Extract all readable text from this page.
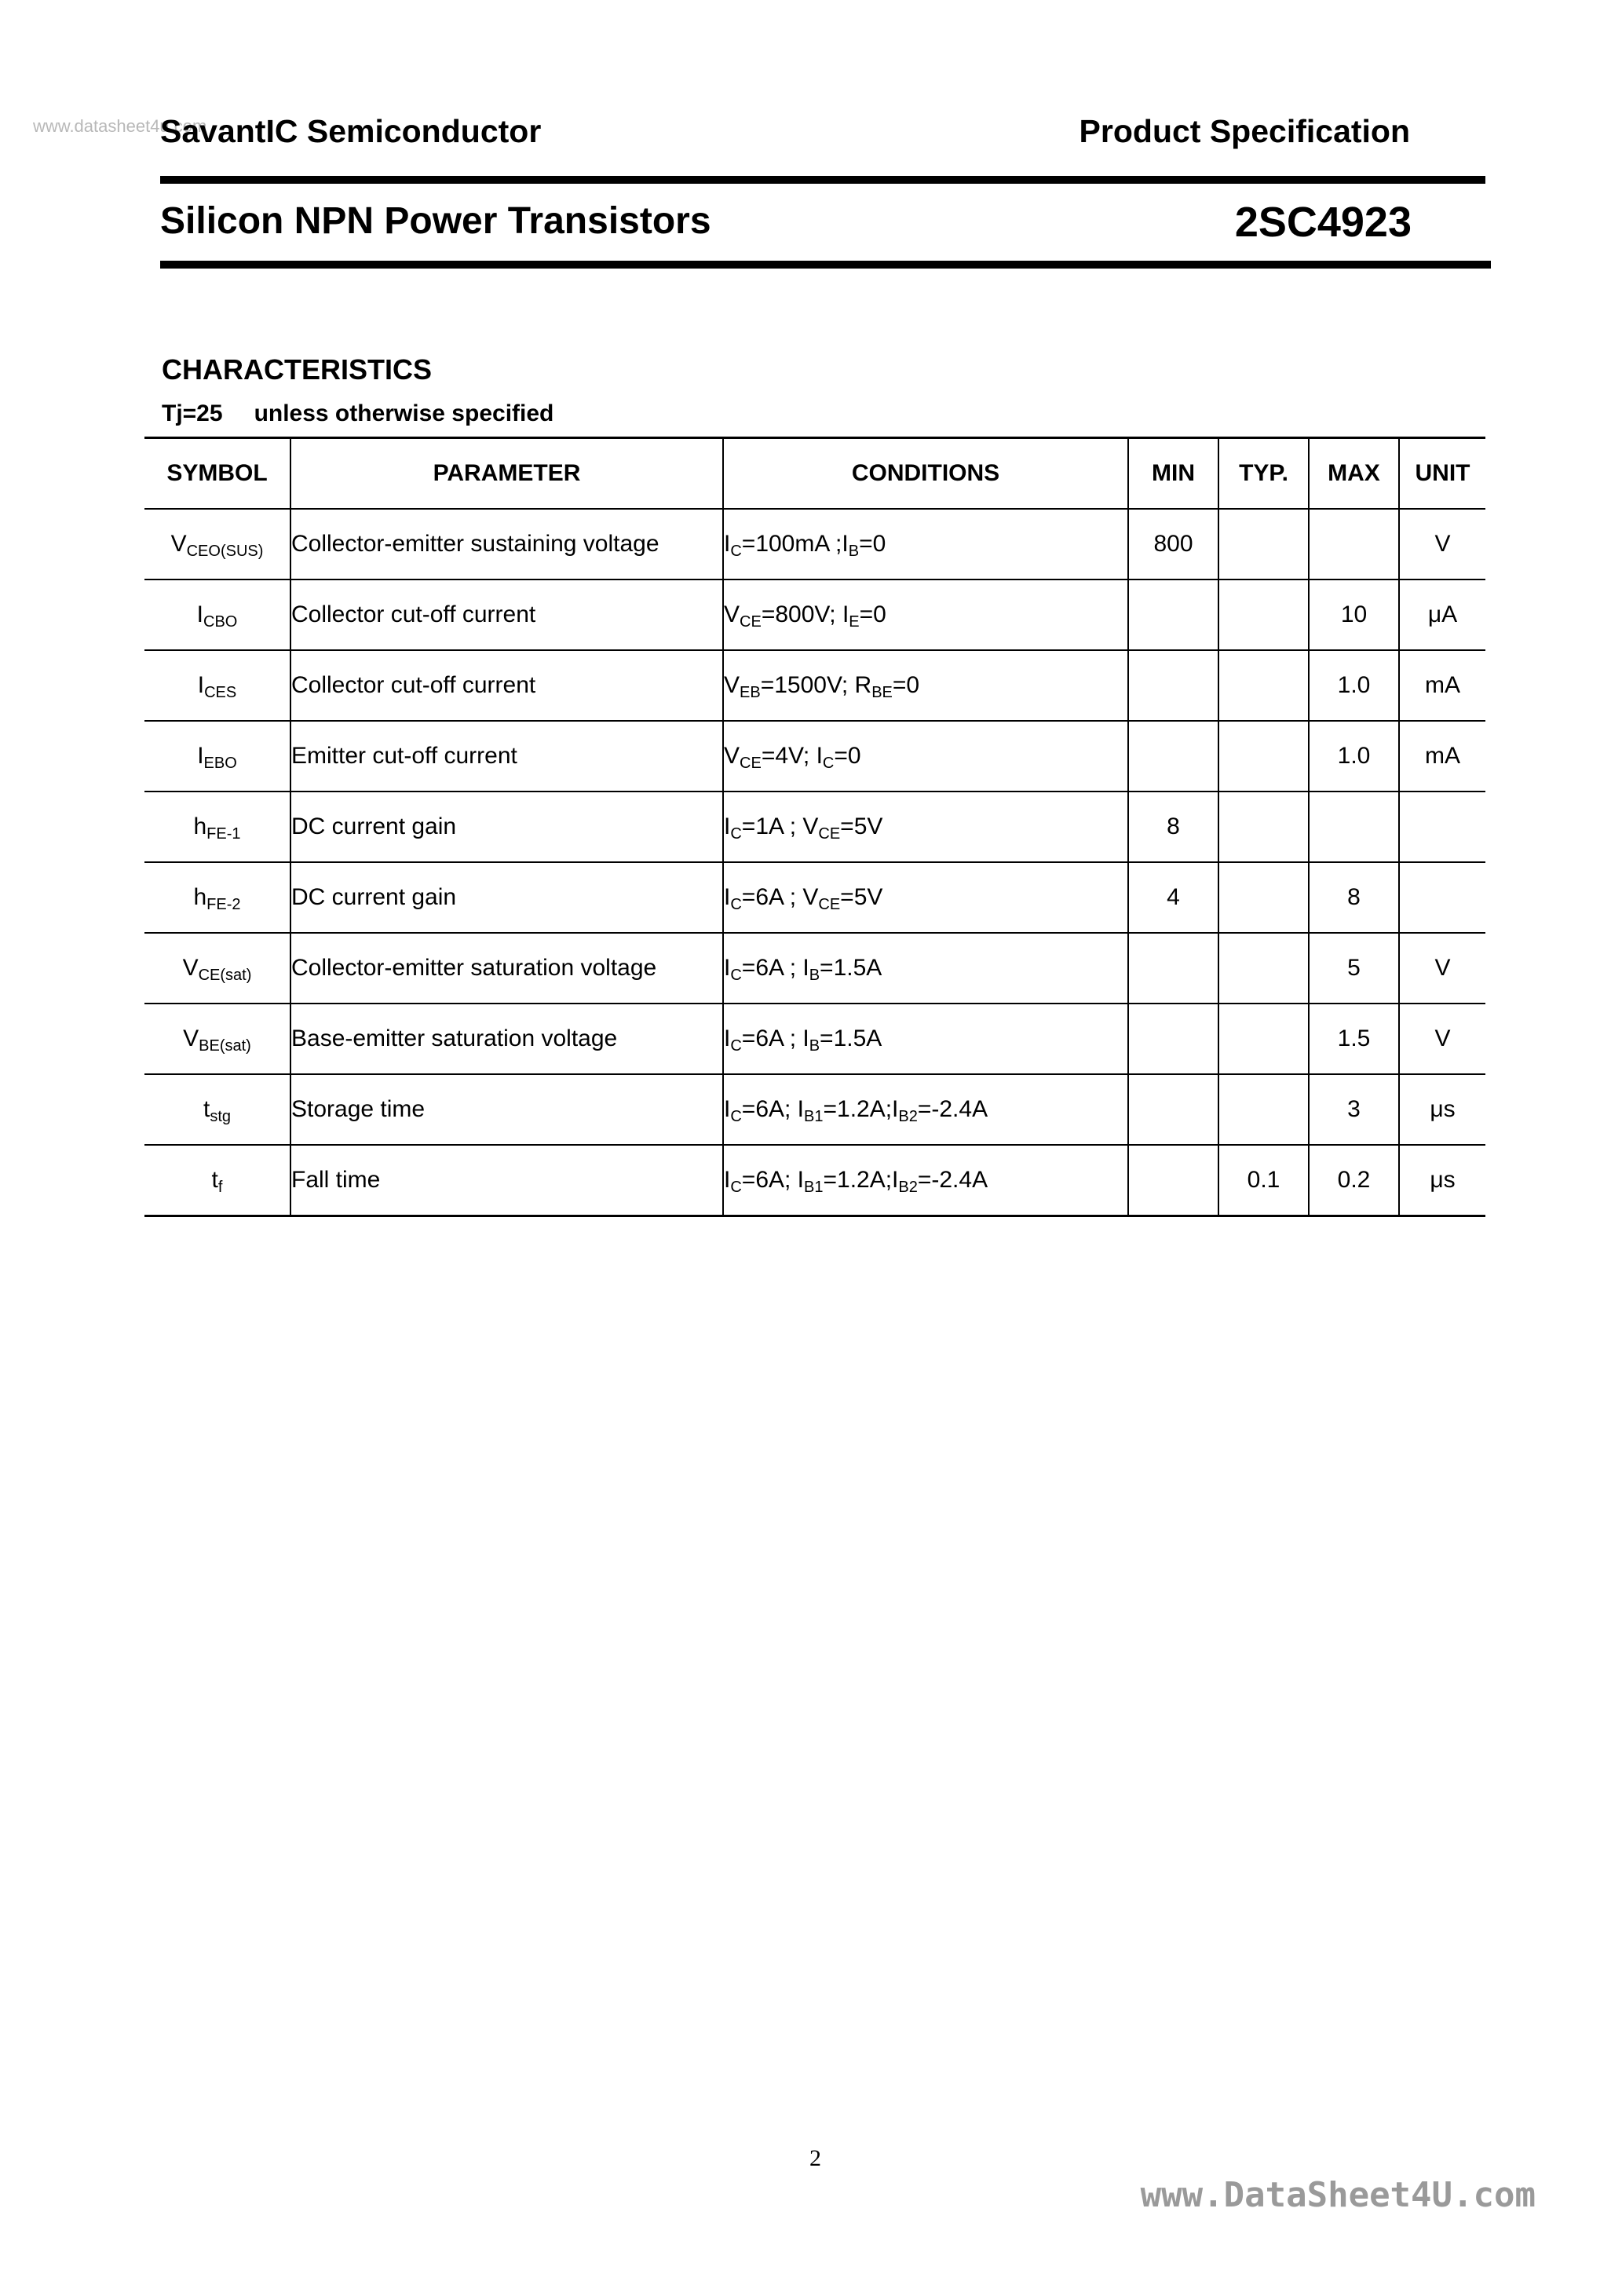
www.datasheet4u.com
SavantIC Semiconductor	Product Specification
Silicon NPN Power Transistors	2SC4923
CHARACTERISTICS
Tj=25 unless otherwise specified
SYMBOL	PARAMETER	CONDITIONS	MIN	TYP.	MAX	UNIT
$V_{CEO(SUS)}$	Collector-emitter sustaining voltage	$I_C=100mA$ $;I_B=0$	800			V
$I_{CBO}$	Collector cut-off current	$V_{CE}=800V$; $I_E=0$			10	μA
$I_{CES}$	Collector cut-off current	$V_{EB}=1500V$; $R_{BE}=0$			1.0	mA
$I_{EBO}$	Emitter cut-off current	$V_{CE}=4V$; $I_C=0$			1.0	mA
$h_{FE-1}$	DC current gain	$I_C=1A$ ; $V_{CE}=5V$	8			
$h_{FE-2}$	DC current gain	$I_C=6A$ ; $V_{CE}=5V$	4		8	
$V_{CE(sat)}$	Collector-emitter saturation voltage	$I_C=6A$ ; $I_B=1.5A$			5	V
$V_{BE(sat)}$	Base-emitter saturation voltage	$I_C=6A$ ; $I_B=1.5A$			1.5	V
$t_{stg}$	Storage time	$I_C=6A$; $I_{B1}=1.2A;I_{B2}=-2.4A$			3	μs
$t_f$	Fall time	$I_C=6A$; $I_{B1}=1.2A;I_{B2}=-2.4A$		0.1	0.2	μs
2
www.DataSheet4U.com
